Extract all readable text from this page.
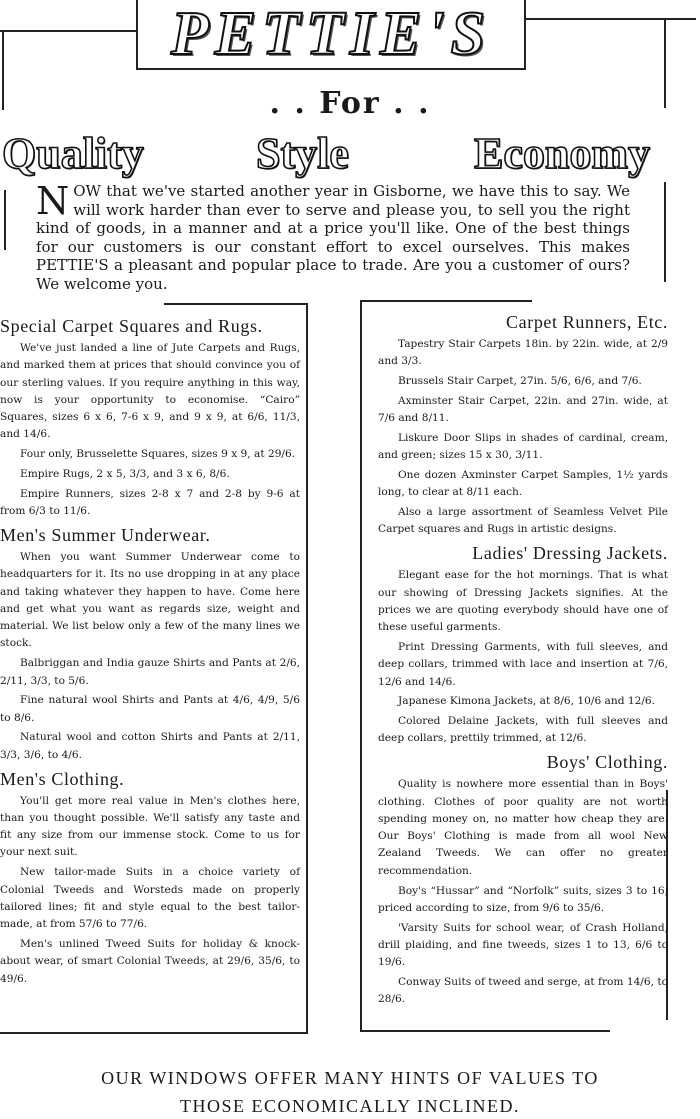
PETTIE'S
. . For . .
Quality	Style	Economy
NOW that we've started another year in Gisborne, we have this to say. We will work harder than ever to serve and please you, to sell you the right kind of goods, in a manner and at a price you'll like. One of the best things for our customers is our constant effort to excel ourselves. This makes PETTIE'S a pleasant and popular place to trade. Are you a customer of ours? We welcome you.
Special Carpet Squares and Rugs.

We've just landed a line of Jute Carpets and Rugs, and marked them at prices that should convince you of our sterling values. If you require anything in this way, now is your opportunity to economise. “Cairo” Squares, sizes 6 x 6, 7-6 x 9, and 9 x 9, at 6/6, 11/3, and 14/6.

Four only, Brusselette Squares, sizes 9 x 9, at 29/6.

Empire Rugs, 2 x 5, 3/3, and 3 x 6, 8/6.

Empire Runners, sizes 2-8 x 7 and 2-8 by 9-6 at from 6/3 to 11/6.

Men's Summer Underwear.

When you want Summer Underwear come to headquarters for it. Its no use dropping in at any place and taking whatever they happen to have. Come here and get what you want as regards size, weight and material. We list below only a few of the many lines we stock.

Balbriggan and India gauze Shirts and Pants at 2/6, 2/11, 3/3, to 5/6.

Fine natural wool Shirts and Pants at 4/6, 4/9, 5/6 to 8/6.

Natural wool and cotton Shirts and Pants at 2/11, 3/3, 3/6, to 4/6.

Men's Clothing.

You'll get more real value in Men's clothes here, than you thought possible. We'll satisfy any taste and fit any size from our immense stock. Come to us for your next suit.

New tailor-made Suits in a choice variety of Colonial Tweeds and Worsteds made on properly tailored lines; fit and style equal to the best tailor-made, at from 57/6 to 77/6.

Men's unlined Tweed Suits for holiday & knock-about wear, of smart Colonial Tweeds, at 29/6, 35/6, to 49/6.

Carpet Runners, Etc.

Tapestry Stair Carpets 18in. by 22in. wide, at 2/9 and 3/3.

Brussels Stair Carpet, 27in. 5/6, 6/6, and 7/6.

Axminster Stair Carpet, 22in. and 27in. wide, at 7/6 and 8/11.

Liskure Door Slips in shades of cardinal, cream, and green; sizes 15 x 30, 3/11.

One dozen Axminster Carpet Samples, 1½ yards long, to clear at 8/11 each.

Also a large assortment of Seamless Velvet Pile Carpet squares and Rugs in artistic designs.

Ladies' Dressing Jackets.

Elegant ease for the hot mornings. That is what our showing of Dressing Jackets signifies. At the prices we are quoting everybody should have one of these useful garments.

Print Dressing Garments, with full sleeves, and deep collars, trimmed with lace and insertion at 7/6, 12/6 and 14/6.

Japanese Kimona Jackets, at 8/6, 10/6 and 12/6.

Colored Delaine Jackets, with full sleeves and deep collars, prettily trimmed, at 12/6.

Boys' Clothing.

Quality is nowhere more essential than in Boys' clothing. Clothes of poor quality are not worth spending money on, no matter how cheap they are. Our Boys' Clothing is made from all wool New Zealand Tweeds. We can offer no greater recommendation.

Boy's “Hussar” and “Norfolk” suits, sizes 3 to 16, priced according to size, from 9/6 to 35/6.

'Varsity Suits for school wear, of Crash Holland, drill plaiding, and fine tweeds, sizes 1 to 13, 6/6 to 19/6.

Conway Suits of tweed and serge, at from 14/6, to 28/6.

OUR WINDOWS OFFER MANY HINTS OF VALUES TO
THOSE ECONOMICALLY INCLINED.
